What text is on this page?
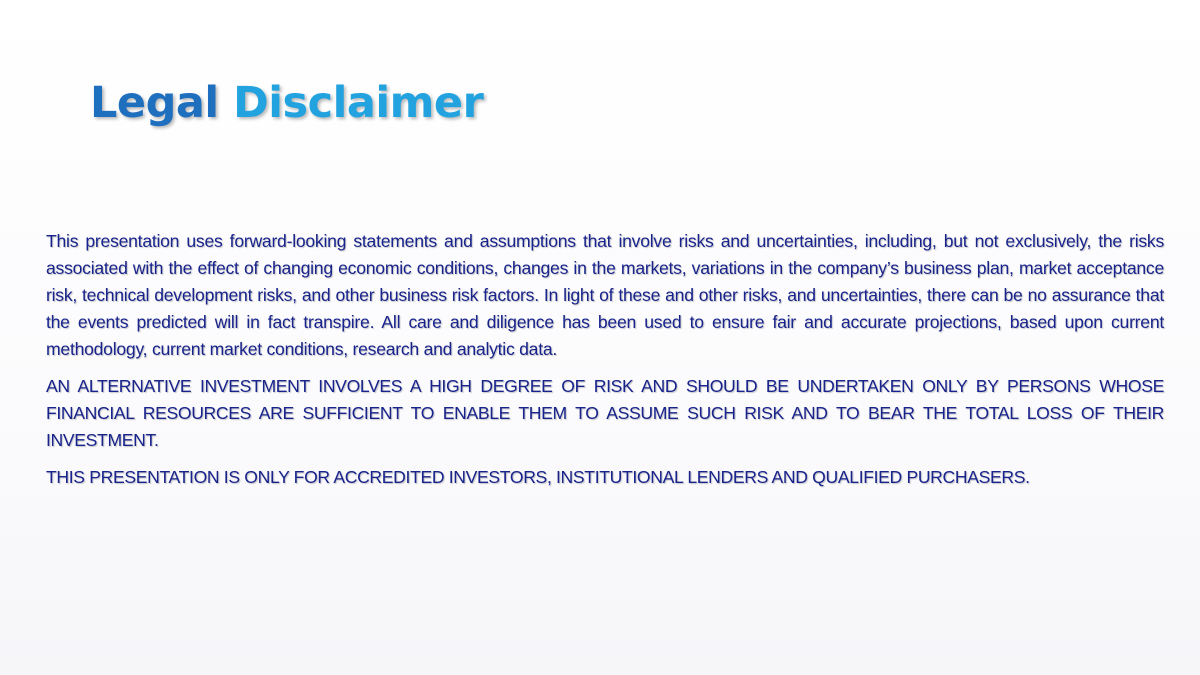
Legal Disclaimer

This presentation uses forward-looking statements and assumptions that involve risks and uncertainties, including, but not exclusively, the risks associated with the effect of changing economic conditions, changes in the markets, variations in the company’s business plan, market acceptance risk, technical development risks, and other business risk factors. In light of these and other risks, and uncertainties, there can be no assurance that the events predicted will in fact transpire. All care and diligence has been used to ensure fair and accurate projections, based upon current methodology, current market conditions, research and analytic data.

AN ALTERNATIVE INVESTMENT INVOLVES A HIGH DEGREE OF RISK AND SHOULD BE UNDERTAKEN ONLY BY PERSONS WHOSE FINANCIAL RESOURCES ARE SUFFICIENT TO ENABLE THEM TO ASSUME SUCH RISK AND TO BEAR THE TOTAL LOSS OF THEIR INVESTMENT.

THIS PRESENTATION IS ONLY FOR ACCREDITED INVESTORS, INSTITUTIONAL LENDERS AND QUALIFIED PURCHASERS.
